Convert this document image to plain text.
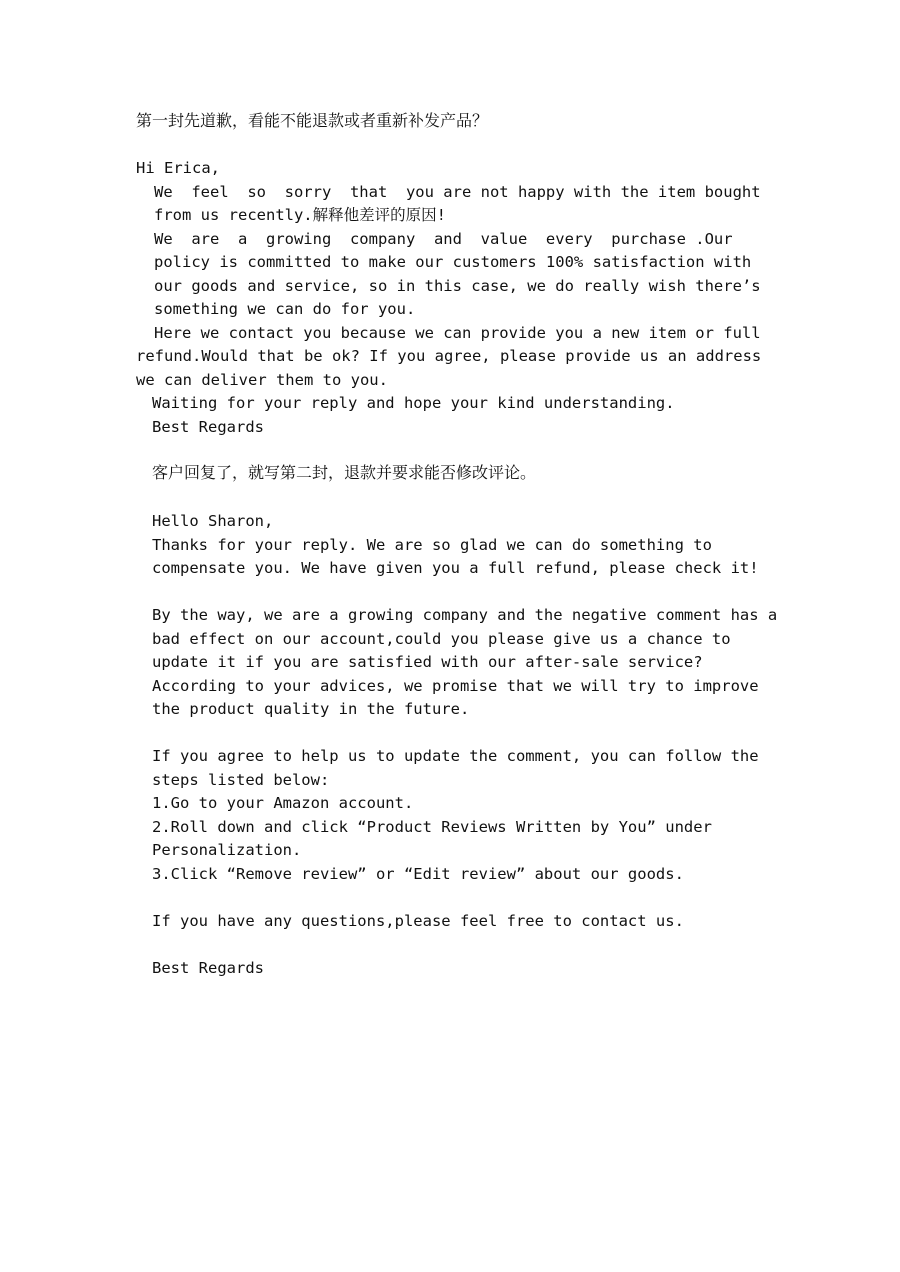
第一封先道歉，看能不能退款或者重新补发产品？
Hi Erica,
We  feel  so  sorry  that  you are not happy with the item bought
from us recently.解释他差评的原因!
We  are  a  growing  company  and  value  every  purchase .Our
policy is committed to make our customers 100% satisfaction with
our goods and service, so in this case, we do really wish there’s
something we can do for you.
Here we contact you because we can provide you a new item or full
refund.Would that be ok? If you agree, please provide us an address
we can deliver them to you.
Waiting for your reply and hope your kind understanding.
Best Regards
客户回复了，就写第二封，退款并要求能否修改评论。
Hello Sharon,
Thanks for your reply. We are so glad we can do something to
compensate you. We have given you a full refund, please check it!
By the way, we are a growing company and the negative comment has a
bad effect on our account,could you please give us a chance to
update it if you are satisfied with our after-sale service?
According to your advices, we promise that we will try to improve
the product quality in the future.
If you agree to help us to update the comment, you can follow the
steps listed below:
1.Go to your Amazon account.
2.Roll down and click “Product Reviews Written by You” under
Personalization.
3.Click “Remove review” or “Edit review” about our goods.
If you have any questions,please feel free to contact us.
Best Regards
